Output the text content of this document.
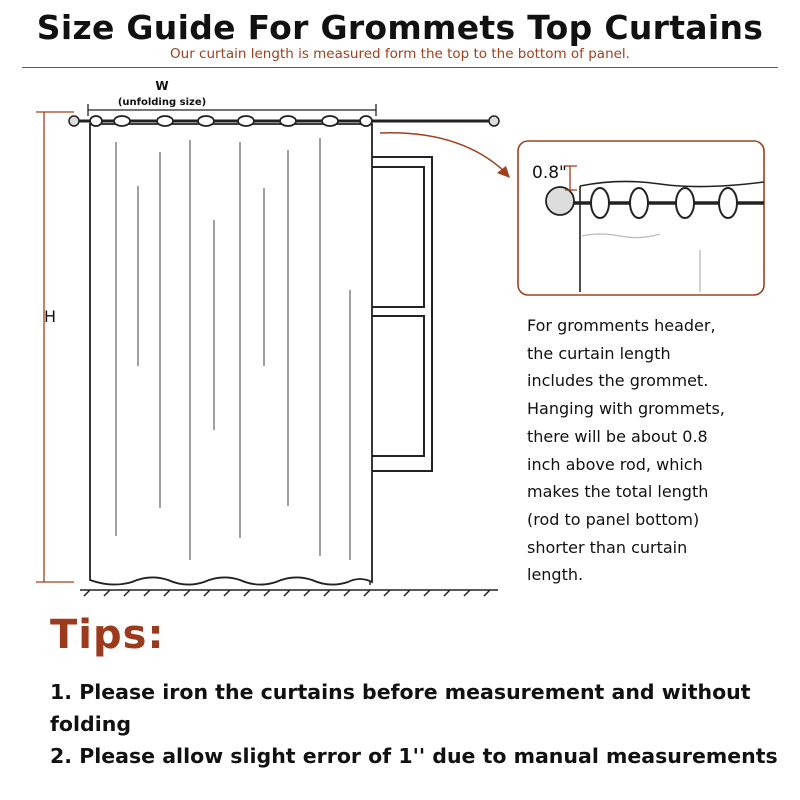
Size Guide For Grommets Top Curtains
Our curtain length is measured form the top to the bottom of panel.
W
(unfolding size)
H
0.8"
For gromments header,
the curtain length
includes the grommet.
Hanging with grommets,
there will be about 0.8
inch above rod, which
makes the total length
(rod to panel bottom)
shorter than curtain
length.
Tips:
1. Please iron the curtains before measurement and without folding
2. Please allow slight error of 1'' due to manual measurements
